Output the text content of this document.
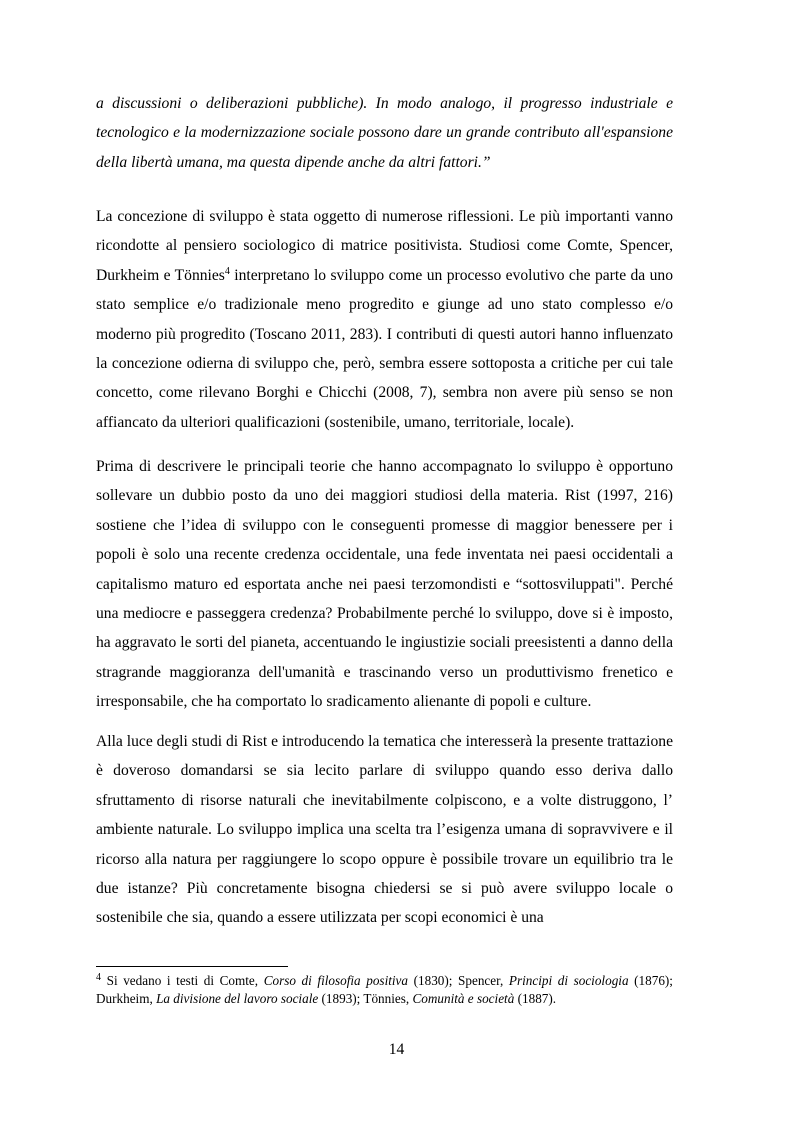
a discussioni o deliberazioni pubbliche). In modo analogo, il progresso industriale e tecnologico e la modernizzazione sociale possono dare un grande contributo all'espansione della libertà umana, ma questa dipende anche da altri fattori.”

La concezione di sviluppo è stata oggetto di numerose riflessioni. Le più importanti vanno ricondotte al pensiero sociologico di matrice positivista. Studiosi come Comte, Spencer, Durkheim e Tönnies$^4$ interpretano lo sviluppo come un processo evolutivo che parte da uno stato semplice e/o tradizionale meno progredito e giunge ad uno stato complesso e/o moderno più progredito (Toscano 2011, 283). I contributi di questi autori hanno influenzato la concezione odierna di sviluppo che, però, sembra essere sottoposta a critiche per cui tale concetto, come rilevano Borghi e Chicchi (2008, 7), sembra non avere più senso se non affiancato da ulteriori qualificazioni (sostenibile, umano, territoriale, locale).

Prima di descrivere le principali teorie che hanno accompagnato lo sviluppo è opportuno sollevare un dubbio posto da uno dei maggiori studiosi della materia. Rist (1997, 216) sostiene che l’idea di sviluppo con le conseguenti promesse di maggior benessere per i popoli è solo una recente credenza occidentale, una fede inventata nei paesi occidentali a capitalismo maturo ed esportata anche nei paesi terzomondisti e “sottosviluppati". Perché una mediocre e passeggera credenza? Probabilmente perché lo sviluppo, dove si è imposto, ha aggravato le sorti del pianeta, accentuando le ingiustizie sociali preesistenti a danno della stragrande maggioranza dell'umanità e trascinando verso un produttivismo frenetico e irresponsabile, che ha comportato lo sradicamento alienante di popoli e culture.

Alla luce degli studi di Rist e introducendo la tematica che interesserà la presente trattazione è doveroso domandarsi se sia lecito parlare di sviluppo quando esso deriva dallo sfruttamento di risorse naturali che inevitabilmente colpiscono, e a volte distruggono, l’ ambiente naturale. Lo sviluppo implica una scelta tra l’esigenza umana di sopravvivere e il ricorso alla natura per raggiungere lo scopo oppure è possibile trovare un equilibrio tra le due istanze? Più concretamente bisogna chiedersi se si può avere sviluppo locale o sostenibile che sia, quando a essere utilizzata per scopi economici è una

$^4$ Si vedano i testi di Comte, Corso di filosofia positiva (1830); Spencer, Principi di sociologia (1876); Durkheim, La divisione del lavoro sociale (1893); Tönnies, Comunità e società (1887).

14
